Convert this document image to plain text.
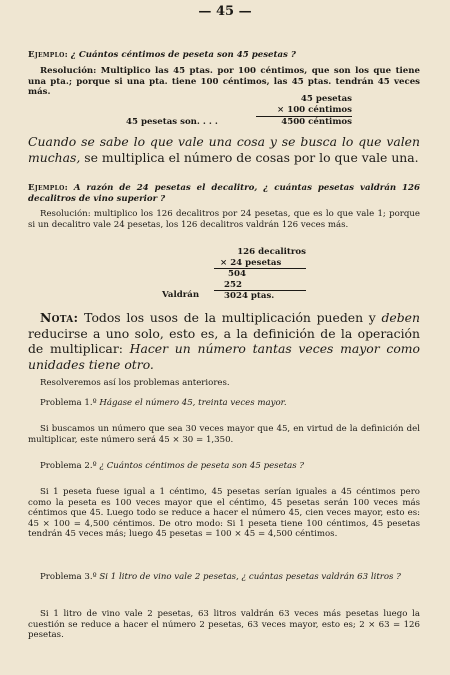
— 45 —

Ejemplo: ¿ Cuántos céntimos de peseta son 45 pesetas ?

Resolución: Multiplico las 45 ptas. por 100 céntimos, que son los que tiene una pta.; porque si una pta. tiene 100 céntimos, las 45 ptas. tendrán 45 veces más.

45 pesetas
× 100 céntimos
4500 céntimos
45 pesetas son. . . .

Cuando se sabe lo que vale una cosa y se busca lo que valen muchas, se multiplica el número de cosas por lo que vale una.

Ejemplo: A razón de 24 pesetas el decalitro, ¿ cuántas pesetas valdrán 126 decalitros de vino superior ?

Resolución: multiplico los 126 decalitros por 24 pesetas, que es lo que vale 1; porque si un decalitro vale 24 pesetas, los 126 decalitros valdrán 126 veces más.

126 decalitros
× 24 pesetas
504
252
3024 ptas.
Valdrán

Nota: Todos los usos de la multiplicación pueden y deben reducirse a uno solo, esto es, a la definición de la operación de multiplicar: Hacer un número tantas veces mayor como unidades tiene otro.

Resolveremos así los problemas anteriores.

Problema 1.º Hágase el número 45, treinta veces mayor.

Si buscamos un número que sea 30 veces mayor que 45, en virtud de la definición del multiplicar, este número será 45 × 30 = 1,350.

Problema 2.º ¿ Cuántos céntimos de peseta son 45 pesetas ?

Si 1 peseta fuese igual a 1 céntimo, 45 pesetas serían iguales a 45 céntimos pero como la peseta es 100 veces mayor que el céntimo, 45 pesetas serán 100 veces más céntimos que 45. Luego todo se reduce a hacer el número 45, cien veces mayor, esto es: 45 × 100 = 4,500 céntimos. De otro modo: Si 1 peseta tiene 100 céntimos, 45 pesetas tendrán 45 veces más; luego 45 pesetas = 100 × 45 = 4,500 céntimos.

Problema 3.º Si 1 litro de vino vale 2 pesetas, ¿ cuántas pesetas valdrán 63 litros ?

Si 1 litro de vino vale 2 pesetas, 63 litros valdrán 63 veces más pesetas luego la cuestión se reduce a hacer el número 2 pesetas, 63 veces mayor, esto es; 2 × 63 = 126 pesetas.
